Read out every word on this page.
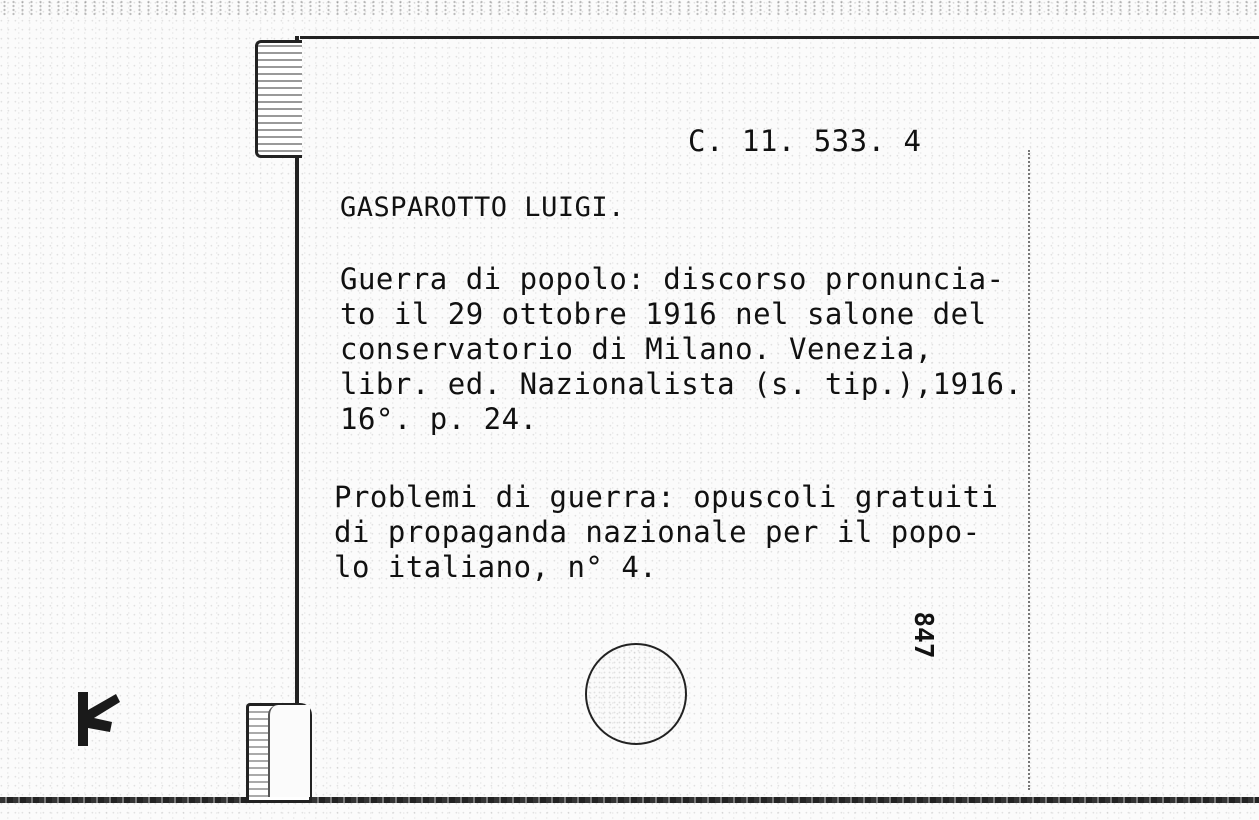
C. 11. 533. 4
GASPAROTTO LUIGI.
Guerra di popolo: discorso pronuncia-
to il 29 ottobre 1916 nel salone del
conservatorio di Milano. Venezia,
libr. ed. Nazionalista (s. tip.),1916.
16°. p. 24.
Problemi di guerra: opuscoli gratuiti
di propaganda nazionale per il popo-
lo italiano, n° 4.
847
